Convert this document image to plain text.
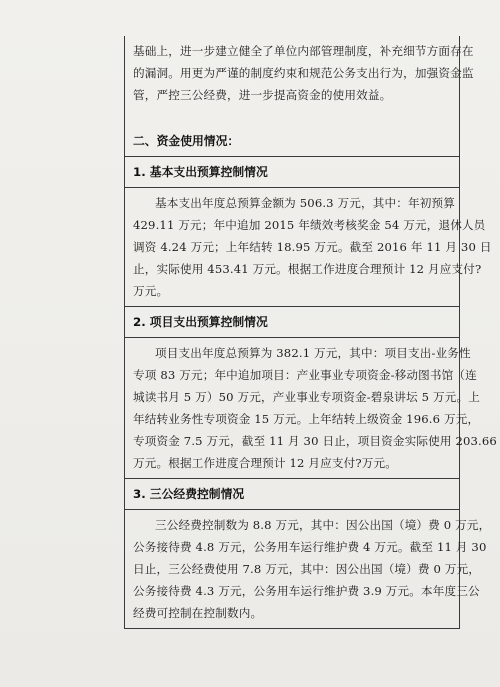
基础上，进一步建立健全了单位内部管理制度，补充细节方面存在
的漏洞。用更为严谨的制度约束和规范公务支出行为，加强资金监
管，严控三公经费，进一步提高资金的使用效益。
二、资金使用情况：
1. 基本支出预算控制情况
基本支出年度总预算金额为 506.3 万元，其中：年初预算
429.11 万元；年中追加 2015 年绩效考核奖金 54 万元，退休人员
调资 4.24 万元；上年结转 18.95 万元。截至 2016 年 11 月 30 日
止，实际使用 453.41 万元。根据工作进度合理预计 12 月应支付?
万元。
2. 项目支出预算控制情况
项目支出年度总预算为 382.1 万元，其中：项目支出-业务性
专项 83 万元；年中追加项目：产业事业专项资金-移动图书馆（连
城读书月 5 万）50 万元，产业事业专项资金-碧泉讲坛 5 万元。上
年结转业务性专项资金 15 万元。上年结转上级资金 196.6 万元，
专项资金 7.5 万元，截至 11 月 30 日止，项目资金实际使用 203.66
万元。根据工作进度合理预计 12 月应支付?万元。
3. 三公经费控制情况
三公经费控制数为 8.8 万元，其中：因公出国（境）费 0 万元，
公务接待费 4.8 万元，公务用车运行维护费 4 万元。截至 11 月 30
日止，三公经费使用 7.8 万元，其中：因公出国（境）费 0 万元，
公务接待费 4.3 万元，公务用车运行维护费 3.9 万元。本年度三公
经费可控制在控制数内。
